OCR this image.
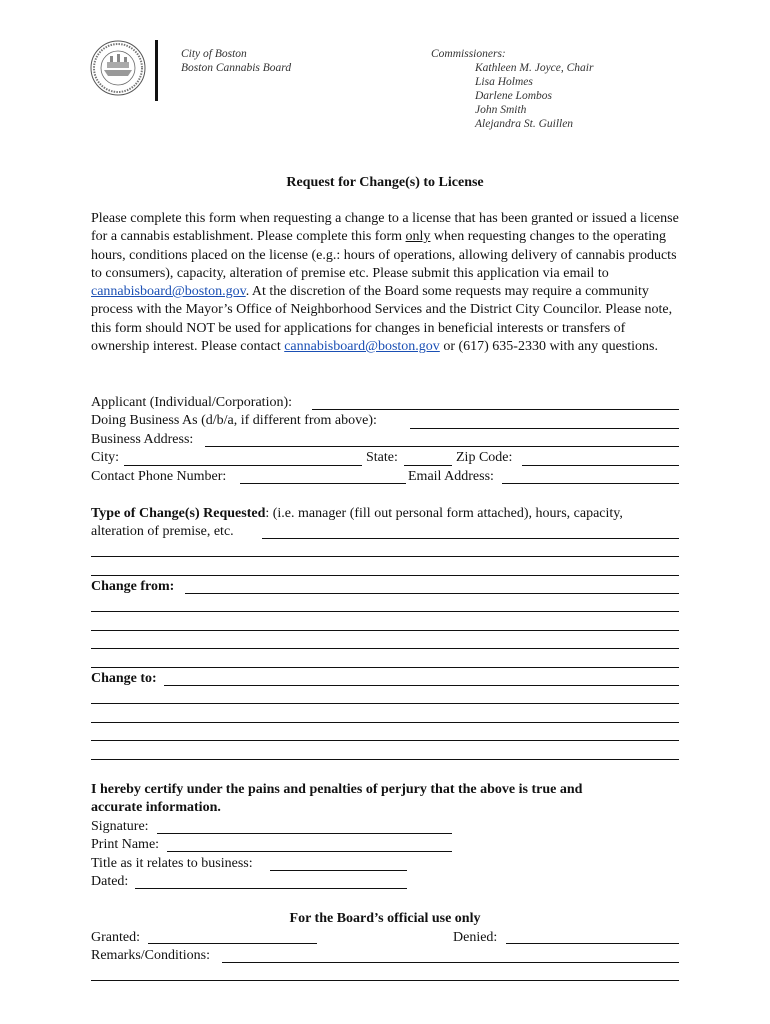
City of Boston
Boston Cannabis Board
Commissioners:
Kathleen M. Joyce, Chair
Lisa Holmes
Darlene Lombos
John Smith
Alejandra St. Guillen
Request for Change(s) to License
Please complete this form when requesting a change to a license that has been granted or issued a license for a cannabis establishment. Please complete this form only when requesting changes to the operating hours, conditions placed on the license (e.g.: hours of operations, allowing delivery of cannabis products to consumers), capacity, alteration of premise etc. Please submit this application via email to cannabisboard@boston.gov. At the discretion of the Board some requests may require a community process with the Mayor’s Office of Neighborhood Services and the District City Councilor. Please note, this form should NOT be used for applications for changes in beneficial interests or transfers of ownership interest. Please contact cannabisboard@boston.gov or (617) 635-2330 with any questions.
Applicant (Individual/Corporation):
Doing Business As (d/b/a, if different from above):
Business Address:
City:	State:	Zip Code:
Contact Phone Number:	Email Address:
Type of Change(s) Requested: (i.e. manager (fill out personal form attached), hours, capacity,
alteration of premise, etc.
Change from:
Change to:
I hereby certify under the pains and penalties of perjury that the above is true and
accurate information.
Signature:
Print Name:
Title as it relates to business:
Dated:
For the Board’s official use only
Granted:	Denied:
Remarks/Conditions:
